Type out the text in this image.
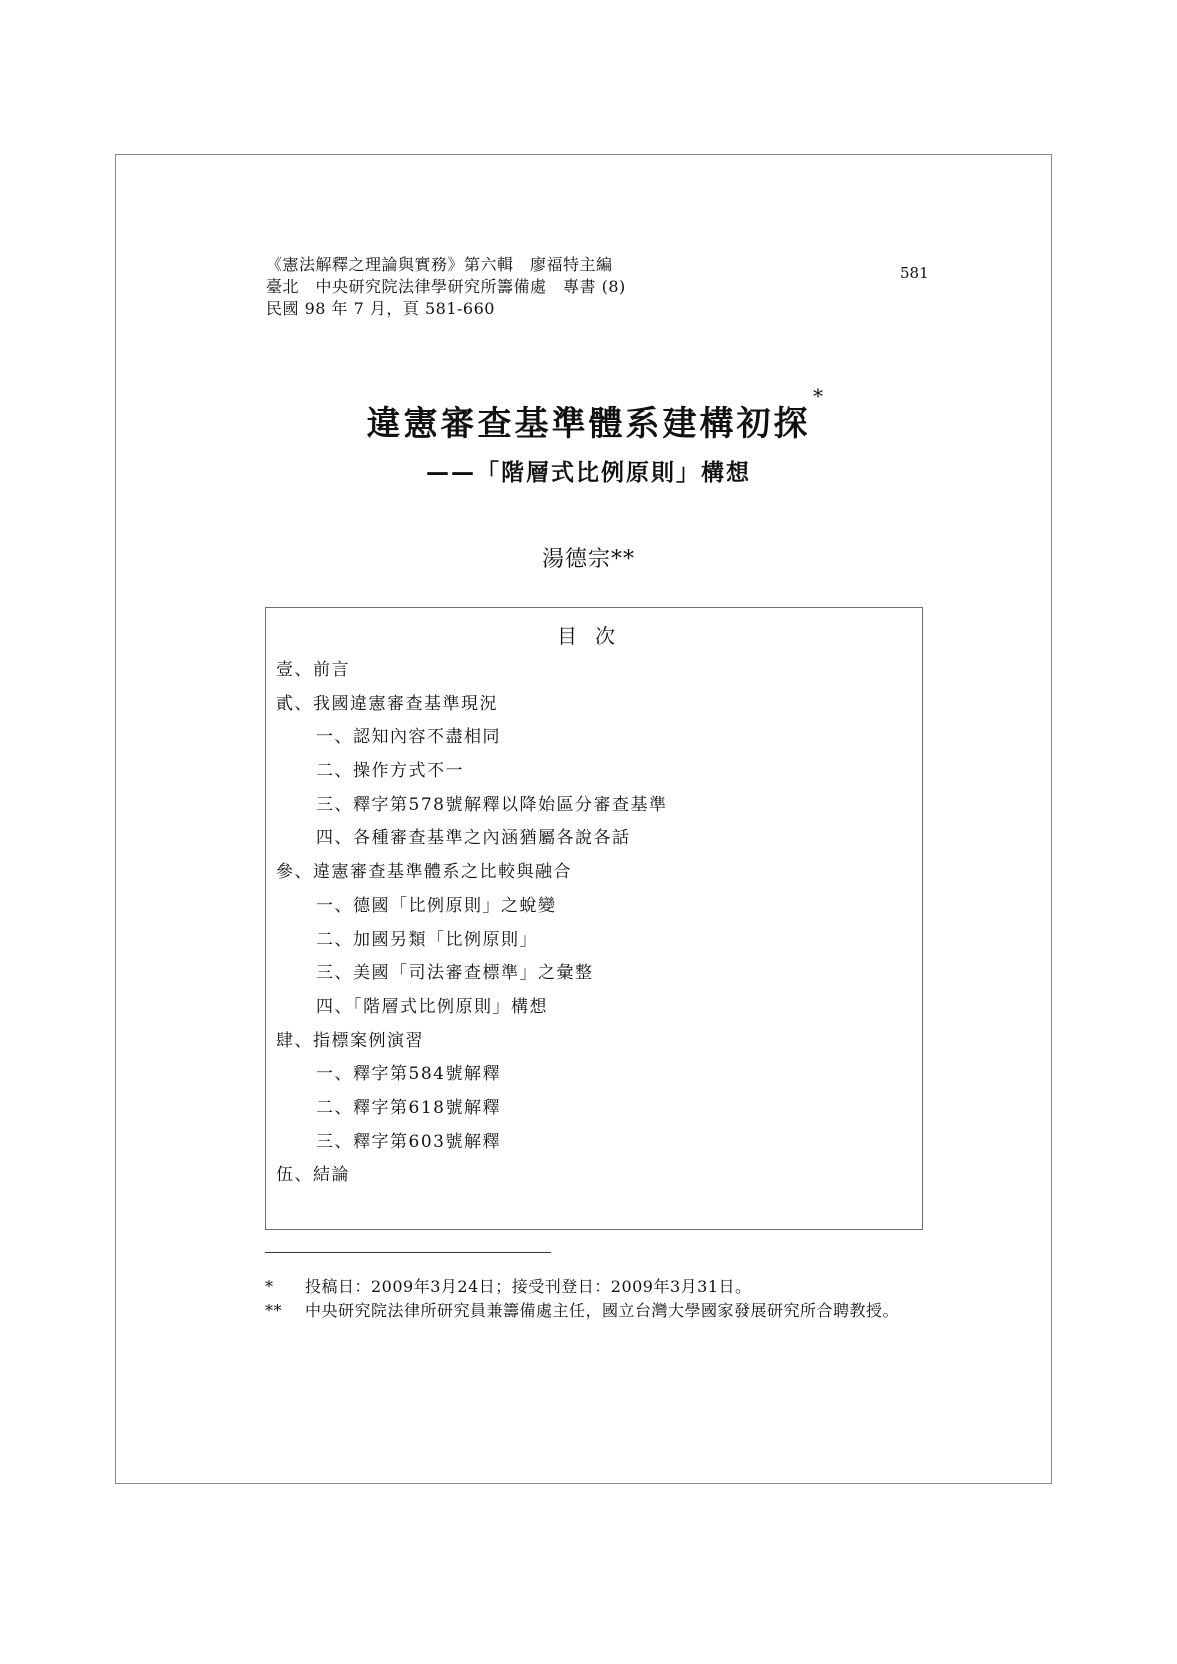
《憲法解釋之理論與實務》第六輯　廖福特主編
臺北　中央研究院法律學研究所籌備處　專書 (8)
民國 98 年 7 月，頁 581-660
581
違憲審查基準體系建構初探
*
——「階層式比例原則」構想
湯德宗**
目次
壹、前言
貳、我國違憲審查基準現況
一、認知內容不盡相同
二、操作方式不一
三、釋字第578號解釋以降始區分審查基準
四、各種審查基準之內涵猶屬各說各話
參、違憲審查基準體系之比較與融合
一、德國「比例原則」之蛻變
二、加國另類「比例原則」
三、美國「司法審查標準」之彙整
四、「階層式比例原則」構想
肆、指標案例演習
一、釋字第584號解釋
二、釋字第618號解釋
三、釋字第603號解釋
伍、結論
* 投稿日：2009年3月24日；接受刊登日：2009年3月31日。
** 中央研究院法律所研究員兼籌備處主任，國立台灣大學國家發展研究所合聘教授。
